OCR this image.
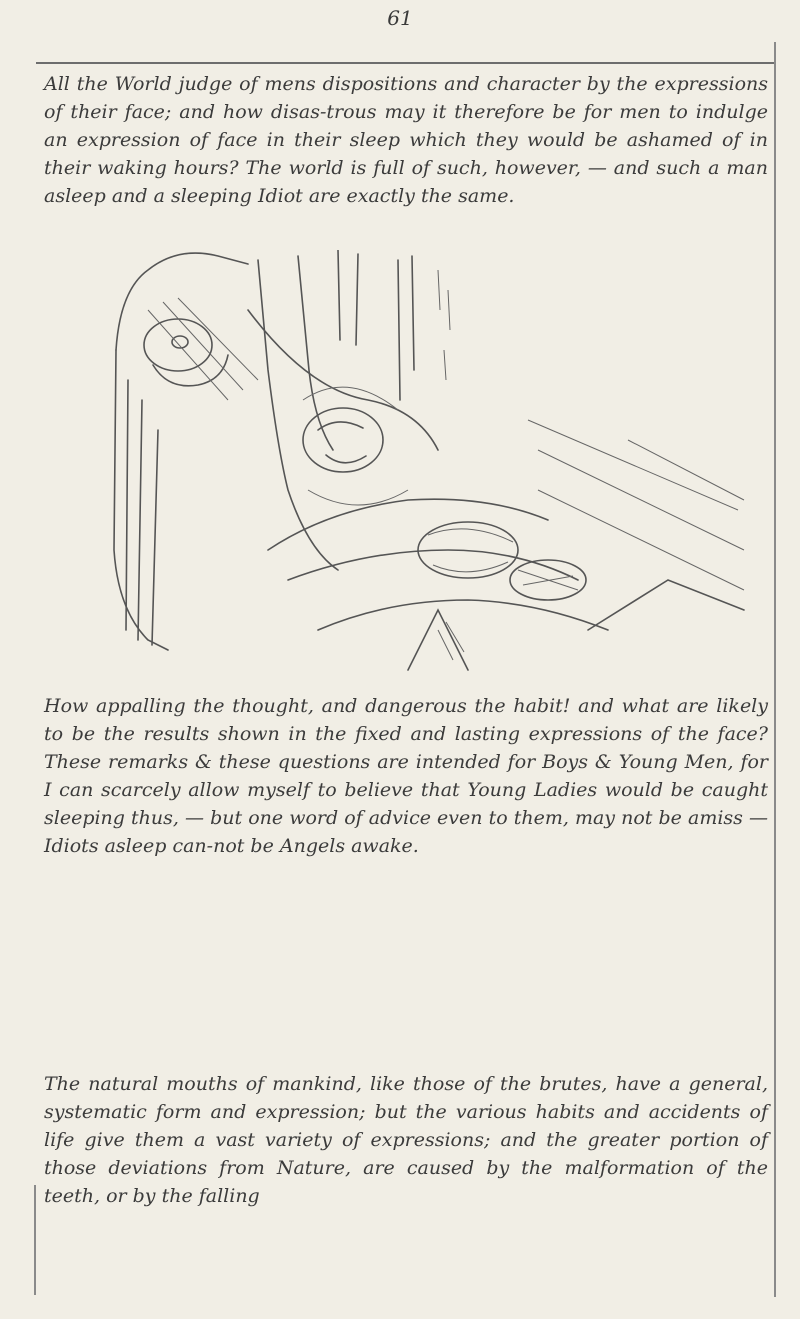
61

All the World judge of mens dispositions and character by the expressions of their face; and how disas-trous may it therefore be for men to indulge an expression of face in their sleep which they would be ashamed of in their waking hours? The world is full of such, however, — and such a man asleep and a sleeping Idiot are exactly the same.

How appalling the thought, and dangerous the habit! and what are likely to be the results shown in the fixed and lasting expressions of the face? These remarks & these questions are intended for Boys & Young Men, for I can scarcely allow myself to believe that Young Ladies would be caught sleeping thus, — but one word of advice even to them, may not be amiss — Idiots asleep can-not be Angels awake.

The natural mouths of mankind, like those of the brutes, have a general, systematic form and expression; but the various habits and accidents of life give them a vast variety of expressions; and the greater portion of those deviations from Nature, are caused by the malformation of the teeth, or by the falling
